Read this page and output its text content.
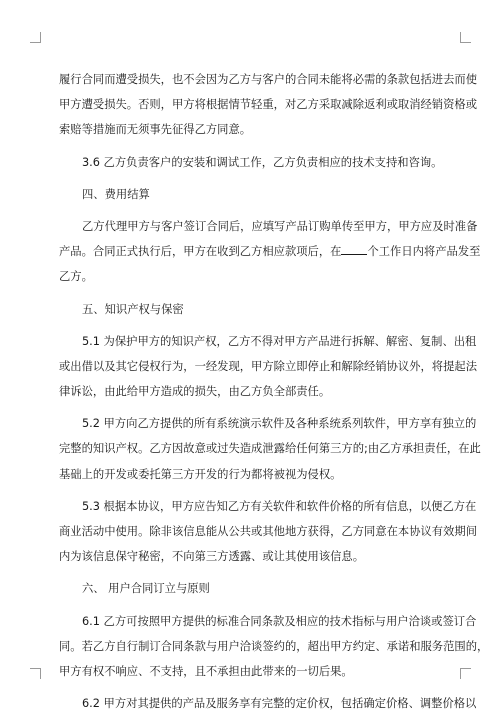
履行合同而遭受损失，也不会因为乙方与客户的合同未能将必需的条款包括进去而使
甲方遭受损失。否则，甲方将根据情节轻重，对乙方采取减除返利或取消经销资格或
索赔等措施而无须事先征得乙方同意。
3.6 乙方负责客户的安装和调试工作，乙方负责相应的技术支持和咨询。
四、费用结算
乙方代理甲方与客户签订合同后，应填写产品订购单传至甲方，甲方应及时准备
产品。合同正式执行后，甲方在收到乙方相应款项后，在 个工作日内将产品发至
乙方。
五、知识产权与保密
5.1 为保护甲方的知识产权，乙方不得对甲方产品进行拆解、解密、复制、出租
或出借以及其它侵权行为，一经发现，甲方除立即停止和解除经销协议外，将提起法
律诉讼，由此给甲方造成的损失，由乙方负全部责任。
5.2 甲方向乙方提供的所有系统演示软件及各种系统系列软件，甲方享有独立的
完整的知识产权。乙方因故意或过失造成泄露给任何第三方的;由乙方承担责任，在此
基础上的开发或委托第三方开发的行为都将被视为侵权。
5.3 根据本协议，甲方应告知乙方有关软件和软件价格的所有信息，以便乙方在
商业活动中使用。除非该信息能从公共或其他地方获得，乙方同意在本协议有效期间
内为该信息保守秘密，不向第三方透露、或让其使用该信息。
六、 用户合同订立与原则
6.1 乙方可按照甲方提供的标准合同条款及相应的技术指标与用户洽谈或签订合
同。若乙方自行制订合同条款与用户洽谈签约的，超出甲方约定、承诺和服务范围的，
甲方有权不响应、不支持，且不承担由此带来的一切后果。
6.2 甲方对其提供的产品及服务享有完整的定价权，包括确定价格、调整价格以
